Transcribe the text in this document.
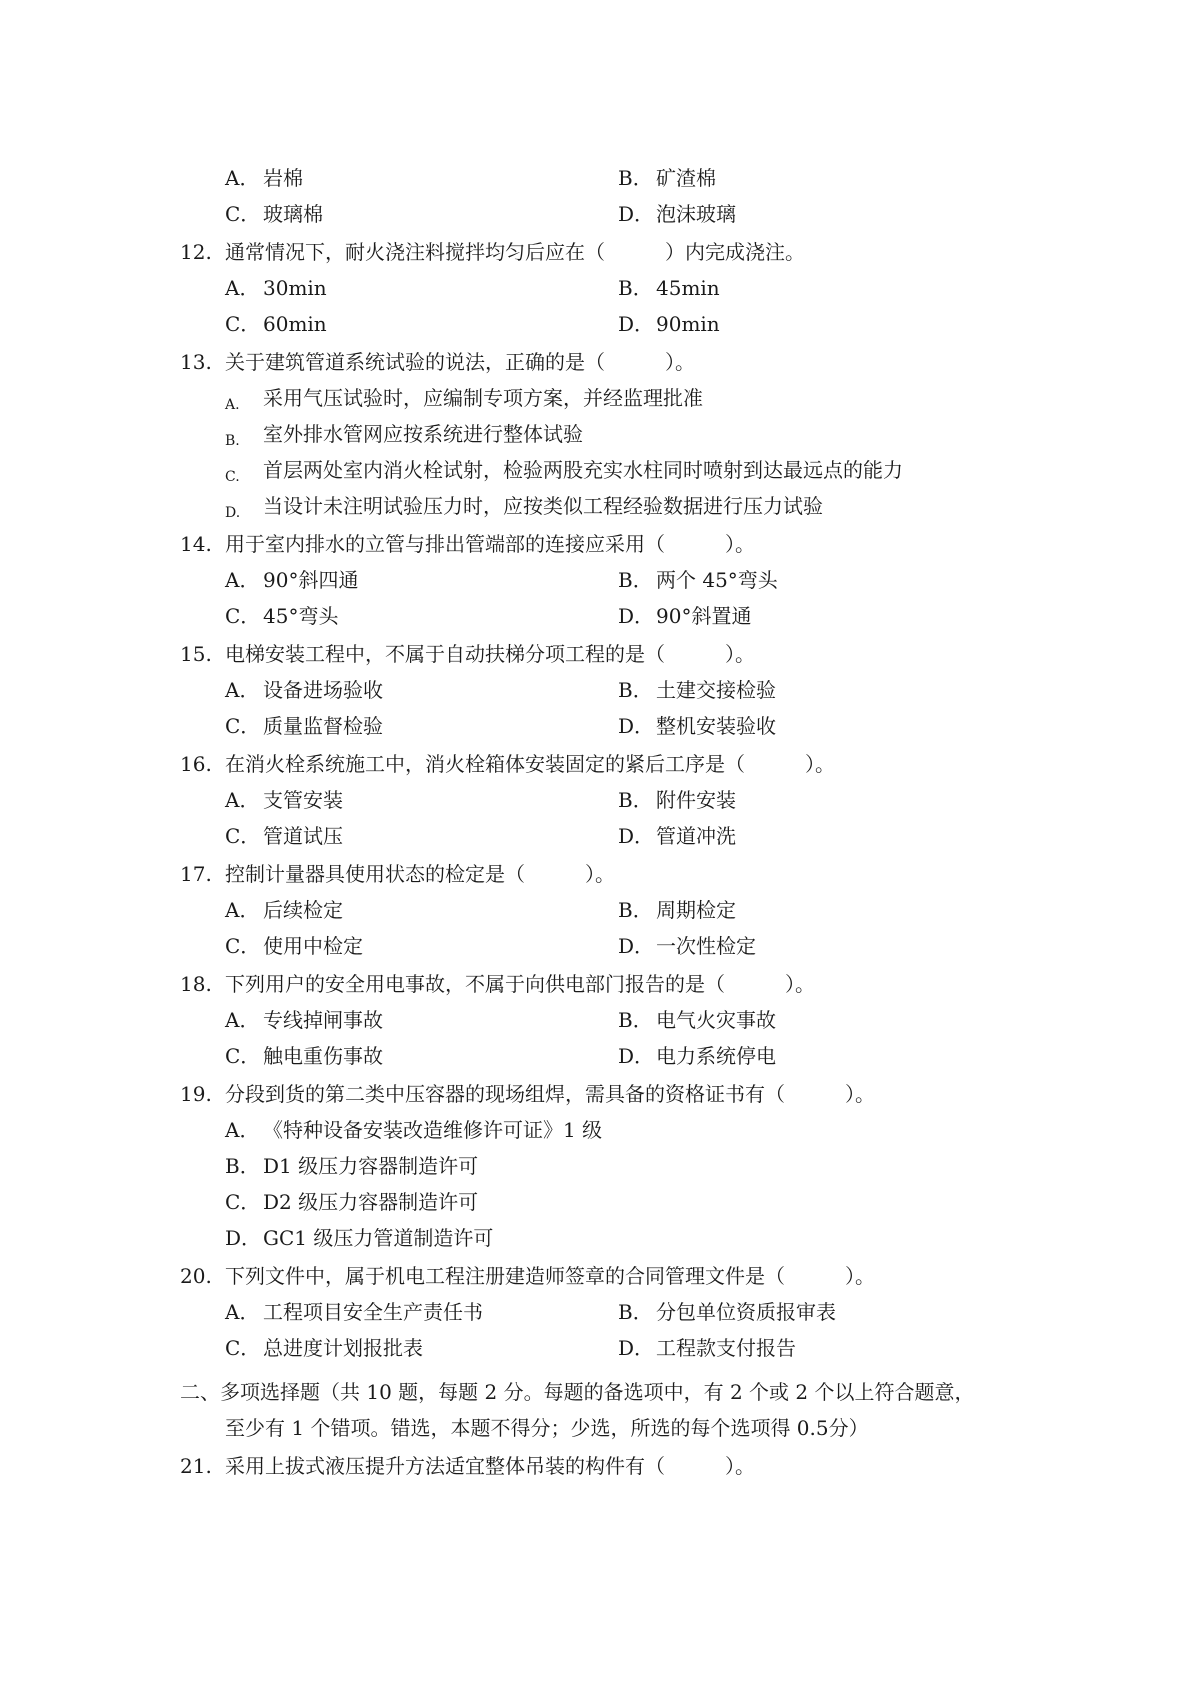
A． 岩棉	B． 矿渣棉
C． 玻璃棉	D．泡沫玻璃
12. 通常情况下，耐火浇注料搅拌均匀后应在（　　　）内完成浇注。
A． 30min	B． 45min
C． 60min	D．90min
13. 关于建筑管道系统试验的说法，正确的是（　　　）。
A. 采用气压试验时，应编制专项方案，并经监理批准
B. 室外排水管网应按系统进行整体试验
C. 首层两处室内消火栓试射，检验两股充实水柱同时喷射到达最远点的能力
D. 当设计未注明试验压力时，应按类似工程经验数据进行压力试验
14. 用于室内排水的立管与排出管端部的连接应采用（　　　）。
A． 90°斜四通	B． 两个 45°弯头
C． 45°弯头	D．90°斜置通
15. 电梯安装工程中，不属于自动扶梯分项工程的是（　　　）。
A． 设备进场验收	B． 土建交接检验
C． 质量监督检验	D．整机安装验收
16. 在消火栓系统施工中，消火栓箱体安装固定的紧后工序是（　　　）。
A． 支管安装	B． 附件安装
C． 管道试压	D．管道冲洗
17. 控制计量器具使用状态的检定是（　　　）。
A． 后续检定	B． 周期检定
C． 使用中检定	D．一次性检定
18. 下列用户的安全用电事故，不属于向供电部门报告的是（　　　）。
A． 专线掉闸事故	B． 电气火灾事故
C． 触电重伤事故	D．电力系统停电
19. 分段到货的第二类中压容器的现场组焊，需具备的资格证书有（　　　）。
A． 《特种设备安装改造维修许可证》1 级
B． D1 级压力容器制造许可
C． D2 级压力容器制造许可
D．GC1 级压力管道制造许可
20. 下列文件中，属于机电工程注册建造师签章的合同管理文件是（　　　）。
A． 工程项目安全生产责任书	B． 分包单位资质报审表
C． 总进度计划报批表	D．工程款支付报告
二、多项选择题（共 10 题，每题 2 分。每题的备选项中，有 2 个或 2 个以上符合题意，
至少有 1 个错项。错选，本题不得分；少选，所选的每个选项得 0.5分）
21. 采用上拔式液压提升方法适宜整体吊装的构件有（　　　）。
